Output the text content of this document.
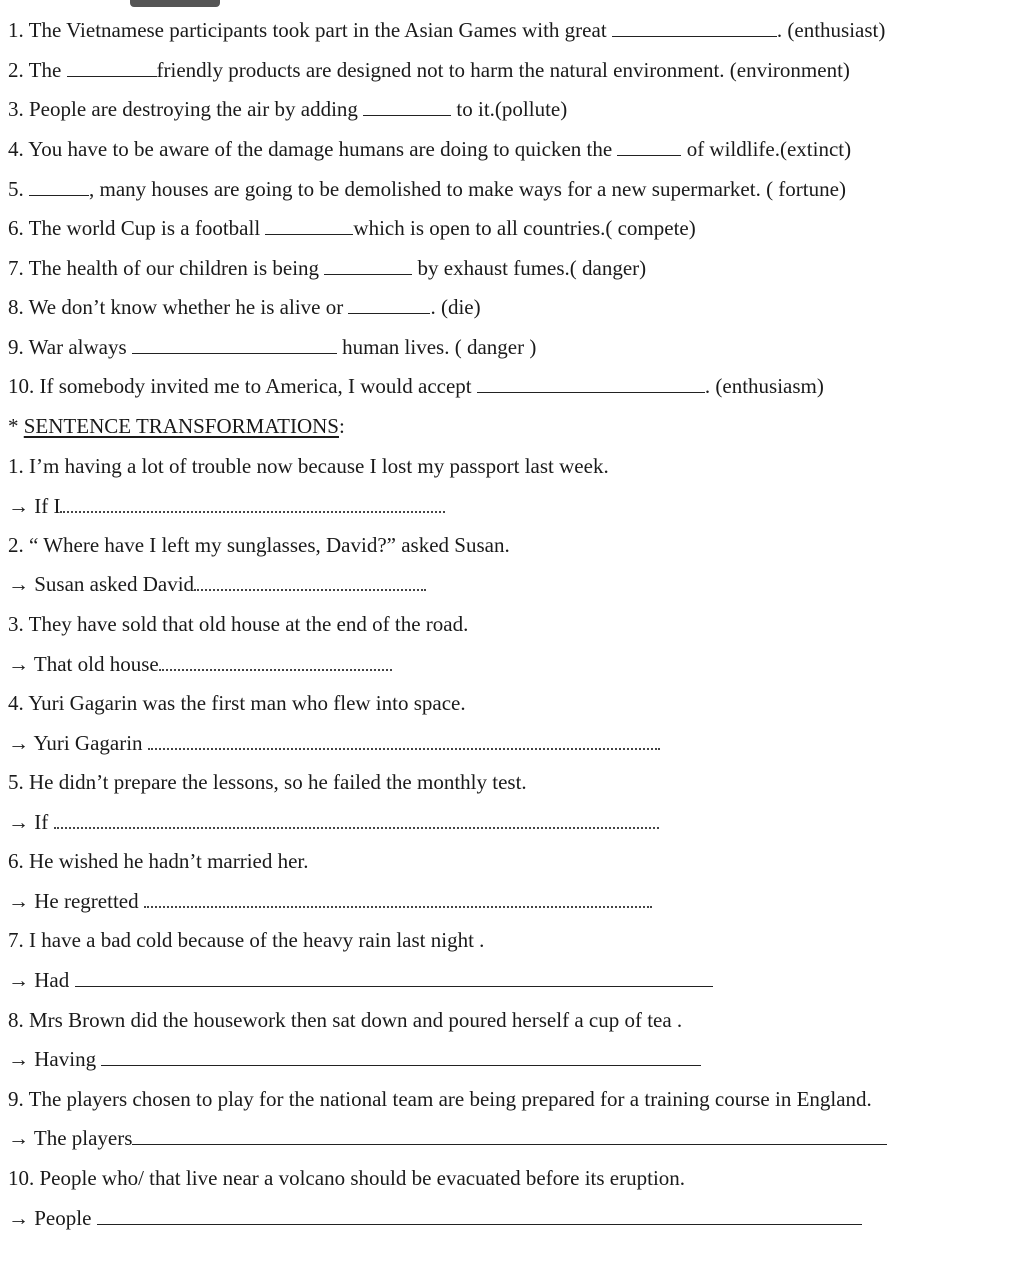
1. The Vietnamese participants took part in the Asian Games with great	. (enthusiast)
2. The	friendly products are designed not to harm the natural environment. (environment)
3. People are destroying the air by adding	to it.(pollute)
4. You have to be aware of the damage humans are doing to quicken the	of wildlife.(extinct)
5.	, many houses are going to be demolished to make ways for a new supermarket. ( fortune)
6. The world Cup is a football	which is open to all countries.( compete)
7. The health of our children is being	by exhaust fumes.( danger)
8. We don’t know whether he is alive or	. (die)
9. War always	human lives. ( danger )
10. If somebody invited me to America, I would accept	. (enthusiasm)
* SENTENCE TRANSFORMATIONS:
1. I’m having a lot of trouble now because I lost my passport last week.
→ If I
2. “ Where have I left my sunglasses, David?” asked Susan.
→ Susan asked David
3. They have sold that old house at the end of the road.
→ That old house
4. Yuri Gagarin was the first man who flew into space.
→ Yuri Gagarin
5. He didn’t prepare the lessons, so he failed the monthly test.
→ If
6. He wished he hadn’t married her.
→ He regretted
7. I have a bad cold because of the heavy rain last night .
→ Had
8. Mrs Brown did the housework then sat down and poured herself a cup of tea .
→ Having
9. The players chosen to play for the national team are being prepared for a training course in England.
→ The players
10. People who/ that live near a volcano should be evacuated before its eruption.
→ People
